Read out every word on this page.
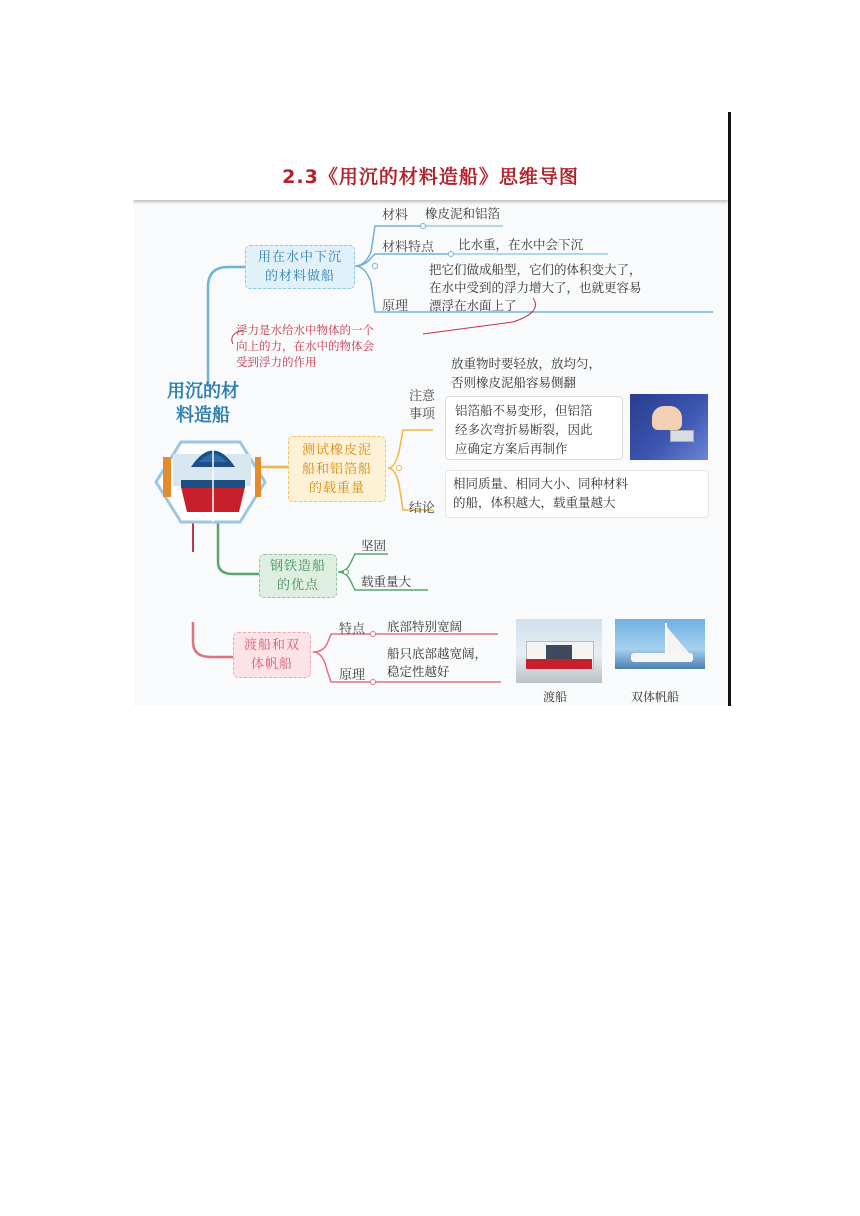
2.3《用沉的材料造船》思维导图
用沉的材
料造船
用在水中下沉
的材料做船
材料 橡皮泥和铝箔
材料特点 比水重，在水中会下沉
原理
把它们做成船型，它们的体积变大了，
在水中受到的浮力增大了，也就更容易
漂浮在水面上了
浮力是水给水中物体的一个
向上的力，在水中的物体会
受到浮力的作用
测试橡皮泥
船和铝箔船
的载重量
注意
事项
放重物时要轻放，放均匀，
否则橡皮泥船容易侧翻
铝箔船不易变形，但铝箔
经多次弯折易断裂，因此
应确定方案后再制作
结论
相同质量、相同大小、同种材料
的船，体积越大，载重量越大
钢铁造船
的优点
坚固
载重量大
渡船和双
体帆船
特点 底部特别宽阔
原理
船只底部越宽阔，
稳定性越好
渡船	双体帆船
